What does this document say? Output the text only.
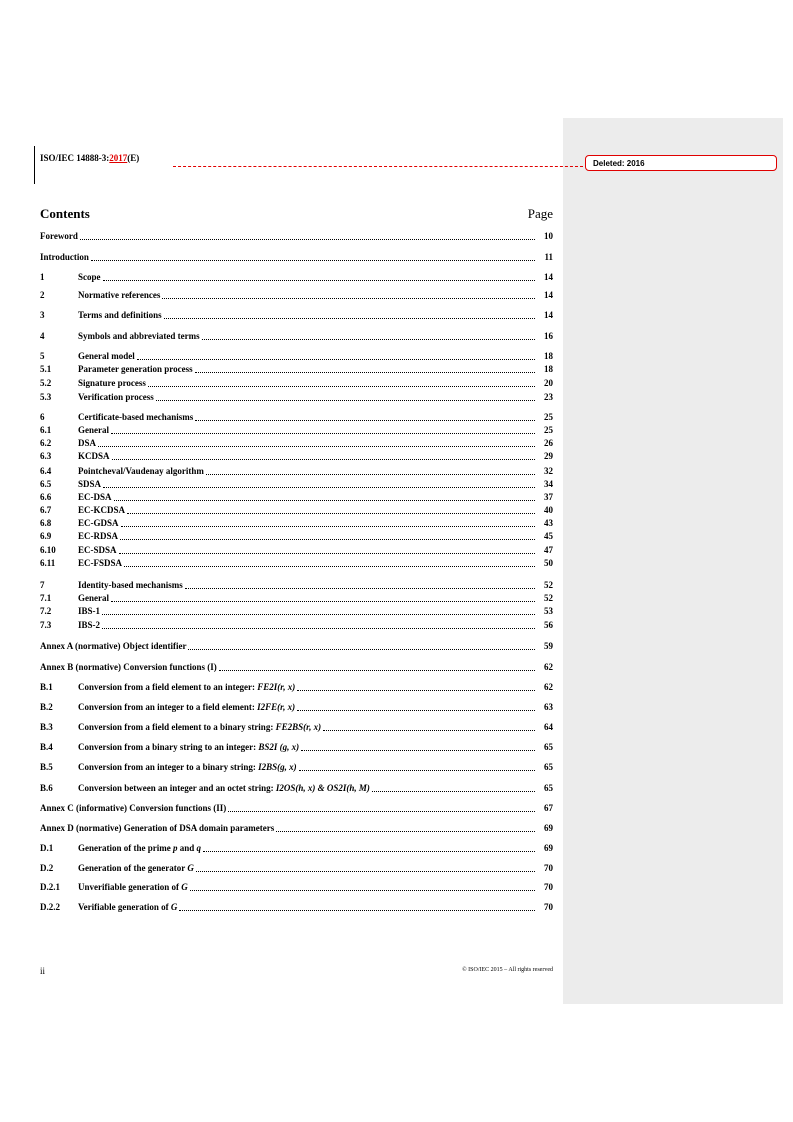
ISO/IEC 14888-3:2017(E)
Deleted: 2016
Contents	Page
Foreword	10
Introduction	11
1	Scope	14
2	Normative references	14
3	Terms and definitions	14
4	Symbols and abbreviated terms	16
5	General model	18
5.1	Parameter generation process	18
5.2	Signature process	20
5.3	Verification process	23
6	Certificate-based mechanisms	25
6.1	General	25
6.2	DSA	26
6.3	KCDSA	29
6.4	Pointcheval/Vaudenay algorithm	32
6.5	SDSA	34
6.6	EC-DSA	37
6.7	EC-KCDSA	40
6.8	EC-GDSA	43
6.9	EC-RDSA	45
6.10	EC-SDSA	47
6.11	EC-FSDSA	50
7	Identity-based mechanisms	52
7.1	General	52
7.2	IBS-1	53
7.3	IBS-2	56
Annex A (normative) Object identifier	59
Annex B (normative) Conversion functions (I)	62
B.1	Conversion from a field element to an integer: FE2I(r, x)	62
B.2	Conversion from an integer to a field element: I2FE(r, x)	63
B.3	Conversion from a field element to a binary string: FE2BS(r, x)	64
B.4	Conversion from a binary string to an integer: BS2I (g, x)	65
B.5	Conversion from an integer to a binary string: I2BS(g, x)	65
B.6	Conversion between an integer and an octet string: I2OS(h, x) & OS2I(h, M)	65
Annex C (informative) Conversion functions (II)	67
Annex D (normative) Generation of DSA domain parameters	69
D.1	Generation of the prime p and q	69
D.2	Generation of the generator G	70
D.2.1	Unverifiable generation of G	70
D.2.2	Verifiable generation of G	70
ii	© ISO/IEC 2015 – All rights reserved
